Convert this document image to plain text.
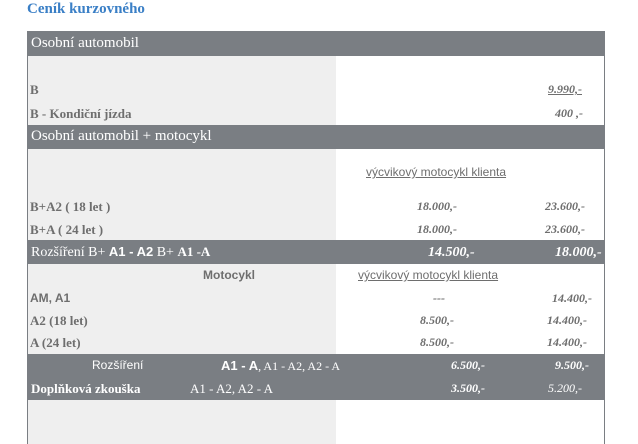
Ceník kurzovného
Osobní automobil
B	9.990,-
B - Kondiční jízda	400 ,-
Osobní automobil + motocykl
výcvikový motocykl klienta
B+A2 ( 18 let )	18.000,-	23.600,-
B+A ( 24 let )	18.000,-	23.600,-
Rozšíření B+ A1 - A2 B+ A1 -A	14.500,-	18.000,-
Motocykl	výcvikový motocykl klienta
AM, A1	---	14.400,-
A2 (18 let)	8.500,-	14.400,-
A (24 let)	8.500,-	14.400,-
Rozšíření	A1 - A, A1 - A2, A2 - A	6.500,-	9.500,-
Doplňková zkouška	A1 - A2, A2 - A	3.500,-	5.200,-
